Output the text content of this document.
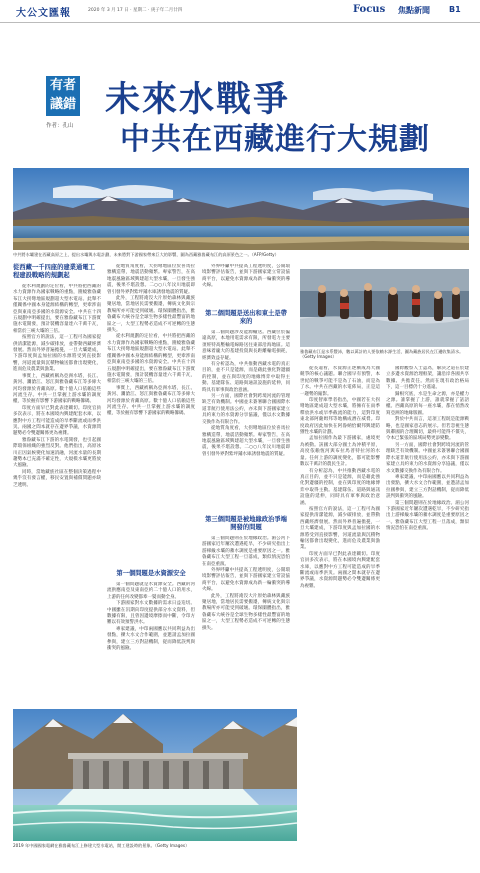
大公文匯報	2020 年 3 月 17 日 · 星期二 · 庚子年二月廿四	Focus 焦點新聞 B1
有者
議錯
作者：孔山
未來水戰爭
中共在西藏進行大規劃
中共將水壩建在西藏高原之上，提出水壩與水電計劃，未來將對下游國家帶來巨大的影響，圖為西藏雅魯藏布江的高原景色之一。（AFP/Getty）
從西藏一千四座的建業通電工程建設戰略的規劃起

從水利規劃的定位看，中共將把西藏的水力資源作為國家戰略的重點，圍繞雅魯藏布江大拐彎地區規劃超大型水電站。此舉不僅關係中國本身能源結構的轉型，更牽涉南亞與東南亞多國的水資源安全。中共在十四五規劃中明確提出，要在雅魯藏布江下游實施水電開發，預計裝機容量達六千萬千瓦，相當於三峽大壩的三倍。

按照官方的說法，這一工程可為國家提供清潔能源，減少碳排放，並帶動西藏經濟發展。然而外界普遍擔憂，一旦大壩建成，下游印度與孟加拉國的水源將受到直接影響，河道流量與沉積物輸送都會出現變化，進而危及農業與漁業。

事實上，西藏被稱為亞洲水塔，長江、黃河、瀾滄江、怒江與雅魯藏布江等多條大河均發源於青藏高原。數十億人口依賴這些河流生存。中共一旦掌握上游水壩的調度權，等於握有影響下游國家的戰略籌碼。

印度方面早已對此表達關切。印度官員多次表示，將在本國境內興建配套水庫，以應對中方工程可能造成的旱季斷流或雨季洪災。兩國之間本就存在邊界爭議，水資源問題勢必令雙邊關係更為複雜。

雅魯藏布江下游的水電開發，也引起國際環保組織的強烈反對。他們指出，高原冰川正因氣候變化加速消融，河流水量的長期趨勢本已充滿不確定性，大規模水壩更將放大風險。

同時，當地藏族社區在整個決策過程中幾乎沒有發言權，移民安置與補償問題亦缺乏透明。

從地質角度看，大拐彎地區位於喜馬拉雅構造帶，地震活動頻繁。專家警告，在高地震風險區域興建超大型水壩，一旦發生強震，後果不堪設想。二○○八年汶川地震即曾引發外界對紫坪鋪水庫誘發地震的質疑。

此外，工程將淹沒大片原始森林與藏族聚居地，當地居民需要搬遷，傳統文化與宗教場所亦可能受到破壞。環保團體指出，雅魯藏布大峽谷是全球生物多樣性最豐富的地區之一，大型工程勢必造成不可逆轉的生態損失。

從水利規劃的定位看，中共將把西藏的水力資源作為國家戰略的重點，圍繞雅魯藏布江大拐彎地區規劃超大型水電站。此舉不僅關係中國本身能源結構的轉型，更牽涉南亞與東南亞多國的水資源安全。中共在十四五規劃中明確提出，要在雅魯藏布江下游實施水電開發，預計裝機容量達六千萬千瓦，相當於三峽大壩的三倍。

事實上，西藏被稱為亞洲水塔，長江、黃河、瀾滄江、怒江與雅魯藏布江等多條大河均發源於青藏高原。數十億人口依賴這些河流生存。中共一旦掌握上游水壩的調度權，等於握有影響下游國家的戰略籌碼。

第一個問題是水資源安全

第一個問題就是水資源安全。西藏的河流供應南亞及東南亞約二十億人口的用水，上游的任何改變都牽一髮而動全身。

下游國家對水文數據的需求日益迫切。中國雖在汛期向印度提供部分水文資料，但數據有限，且曾因邊境摩擦而中斷，令印方難以有效預警洪水。

專家建議，中印兩國應以共同利益為出發點，擴大水文合作範圍，並邀請孟加拉國參與，建立三方對話機制，從而降低誤判與衝突的風險。

外界呼籲中共提高工程透明度，公開環境影響評估報告，並與下游國家建立常設協商平台，以避免水資源成為新一輪衝突的導火線。

第二個問題是送出和東土是帶來的

第二個問題涉及能源輸送。西藏位於偏遠高原，本地用電需求有限，所發電力主要須經特高壓輸電線路送往東部沿海地區。這意味着龐大的基建投資與長距離輸電損耗，經濟效益存疑。

有分析認為，中共推動西藏水電的真正目的，並不只是能源，而是藉此強化對邊疆的控制，並在與印度的地緣博弈中取得主動。基建隊伍、道路與通訊設施的延伸，同時具有軍事與政治意涵。

另一方面，國際社會對跨境河流的管理缺乏有效機制。中國並未簽署聯合國國際水道非航行使用法公約，亦未與下游國家建立具約束力的水資源分享協議，僅以水文數據交換作為有限合作。

從地質角度看，大拐彎地區位於喜馬拉雅構造帶，地震活動頻繁。專家警告，在高地震風險區域興建超大型水壩，一旦發生強震，後果不堪設想。二○○八年汶川地震即曾引發外界對紫坪鋪水庫誘發地震的質疑。

第三個問題是被地緣政治爭端開發的問題

第三個問題則在於地緣政治。湄公河下游國家近年屢次遭遇乾旱，不少研究指出上游梯級水壩的蓄水調度是重要原因之一。雅魯藏布江大型工程一旦落成，類似情況恐怕在南亞重演。

外界呼籲中共提高工程透明度，公開環境影響評估報告，並與下游國家建立常設協商平台，以避免水資源成為新一輪衝突的導火線。

此外，工程將淹沒大片原始森林與藏族聚居地，當地居民需要搬遷，傳統文化與宗教場所亦可能受到破壞。環保團體指出，雅魯藏布大峽谷是全球生物多樣性最豐富的地區之一，大型工程勢必造成不可逆轉的生態損失。

雅魯藏布江是水系豐沛，數以萬計的人要依賴水源生活，圖為藏族居民在江邊收集清水。（Getty Images）

從長遠看，水資源正逐漸成為大國競爭的核心議題。聯合國早有預警，本世紀的戰爭可能不是為了石油，而是為了水。中共在西藏的水電佈局，正是這一趨勢的縮影。

印度智庫學者指出，中國若在大拐彎地區建成超大型水壩，將擁有在雨季釋放洪水或旱季截流的能力，這對印度東北部阿薩姆邦等地構成潛在威脅。印度政府因此加快在阿魯納恰爾邦興建防禦性水壩的計劃。

孟加拉國作為最下游國家，處境更為被動。該國大部分國土為沖積平原，高度依賴恆河與布拉馬普特拉河的水量。任何上游的調度變化，都可能影響數以千萬計的農民生計。

有分析認為，中共推動西藏水電的真正目的，並不只是能源，而是藉此強化對邊疆的控制，並在與印度的地緣博弈中取得主動。基建隊伍、道路與通訊設施的延伸，同時具有軍事與政治意涵。

按照官方的說法，這一工程可為國家提供清潔能源，減少碳排放，並帶動西藏經濟發展。然而外界普遍擔憂，一旦大壩建成，下游印度與孟加拉國的水源將受到直接影響，河道流量與沉積物輸送都會出現變化，進而危及農業與漁業。

印度方面早已對此表達關切。印度官員多次表示，將在本國境內興建配套水庫，以應對中方工程可能造成的旱季斷流或雨季洪災。兩國之間本就存在邊界爭議，水資源問題勢必令雙邊關係更為複雜。

國際觀察人士認為，解決之道在於建立多邊水資源治理框架，讓沿岸各國共享數據、共擔責任。然而在現有政治格局下，這一目標仍十分遙遠。

歸根究底，水是生命之源，亦是權力之源。誰掌握了上游，誰就掌握了話語權。西藏高原的每一座水壩，都在悄然改寫亞洲的地緣版圖。

對於中共而言，這項工程既是能源戰略，也是國家意志的展示。但若忽視生態與鄰國的合理關切，最終可能得不償失，令本已緊張的區域局勢更添變數。

另一方面，國際社會對跨境河流的管理缺乏有效機制。中國並未簽署聯合國國際水道非航行使用法公約，亦未與下游國家建立具約束力的水資源分享協議，僅以水文數據交換作為有限合作。

專家建議，中印兩國應以共同利益為出發點，擴大水文合作範圍，並邀請孟加拉國參與，建立三方對話機制，從而降低誤判與衝突的風險。

第三個問題則在於地緣政治。湄公河下游國家近年屢次遭遇乾旱，不少研究指出上游梯級水壩的蓄水調度是重要原因之一。雅魯藏布江大型工程一旦落成，類似情況恐怕在南亞重演。

2019 年中國國家電網在雅魯藏布江上修建大型水電站，開工建設時的景象。（Getty Images）
